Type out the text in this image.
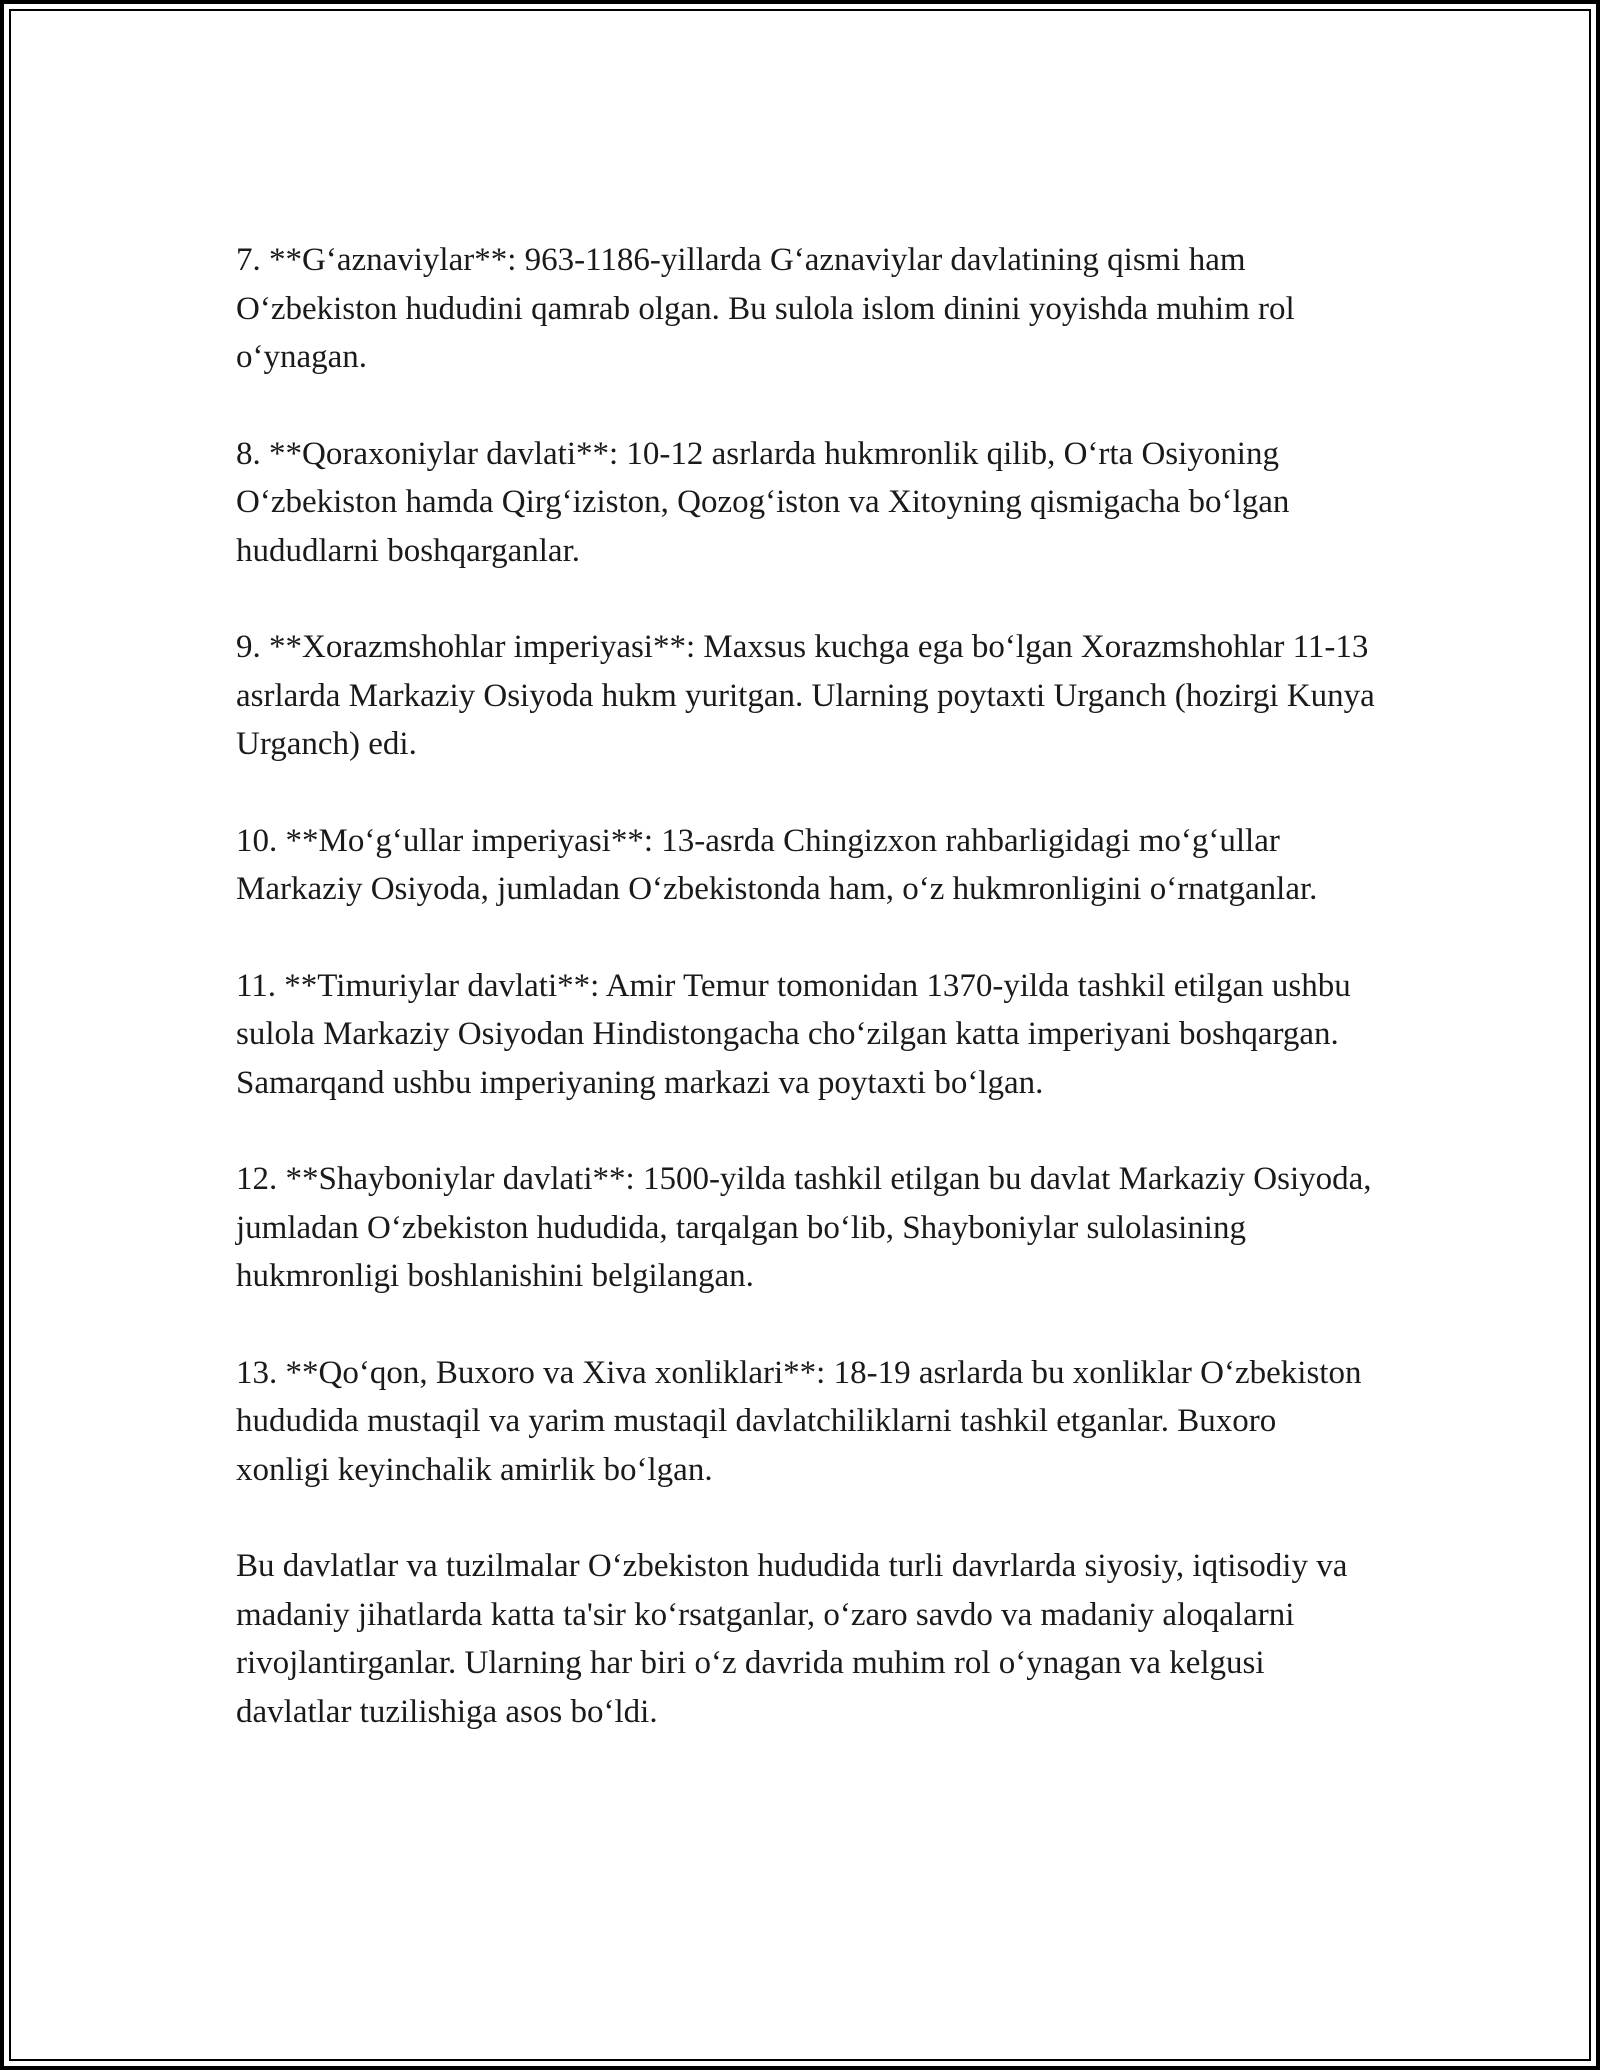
7. **G‘aznaviylar**: 963-1186-yillarda G‘aznaviylar davlatining qismi ham O‘zbekiston hududini qamrab olgan. Bu sulola islom dinini yoyishda muhim rol o‘ynagan.

8. **Qoraxoniylar davlati**: 10-12 asrlarda hukmronlik qilib, O‘rta Osiyoning O‘zbekiston hamda Qirg‘iziston, Qozog‘iston va Xitoyning qismigacha bo‘lgan hududlarni boshqarganlar.

9. **Xorazmshohlar imperiyasi**: Maxsus kuchga ega bo‘lgan Xorazmshohlar 11-13 asrlarda Markaziy Osiyoda hukm yuritgan. Ularning poytaxti Urganch (hozirgi Kunya Urganch) edi.

10. **Mo‘g‘ullar imperiyasi**: 13-asrda Chingizxon rahbarligidagi mo‘g‘ullar Markaziy Osiyoda, jumladan O‘zbekistonda ham, o‘z hukmronligini o‘rnatganlar.

11. **Timuriylar davlati**: Amir Temur tomonidan 1370-yilda tashkil etilgan ushbu sulola Markaziy Osiyodan Hindistongacha cho‘zilgan katta imperiyani boshqargan. Samarqand ushbu imperiyaning markazi va poytaxti bo‘lgan.

12. **Shayboniylar davlati**: 1500-yilda tashkil etilgan bu davlat Markaziy Osiyoda, jumladan O‘zbekiston hududida, tarqalgan bo‘lib, Shayboniylar sulolasining hukmronligi boshlanishini belgilangan.

13. **Qo‘qon, Buxoro va Xiva xonliklari**: 18-19 asrlarda bu xonliklar O‘zbekiston hududida mustaqil va yarim mustaqil davlatchiliklarni tashkil etganlar. Buxoro xonligi keyinchalik amirlik bo‘lgan.

Bu davlatlar va tuzilmalar O‘zbekiston hududida turli davrlarda siyosiy, iqtisodiy va madaniy jihatlarda katta ta'sir ko‘rsatganlar, o‘zaro savdo va madaniy aloqalarni rivojlantirganlar. Ularning har biri o‘z davrida muhim rol o‘ynagan va kelgusi davlatlar tuzilishiga asos bo‘ldi.
